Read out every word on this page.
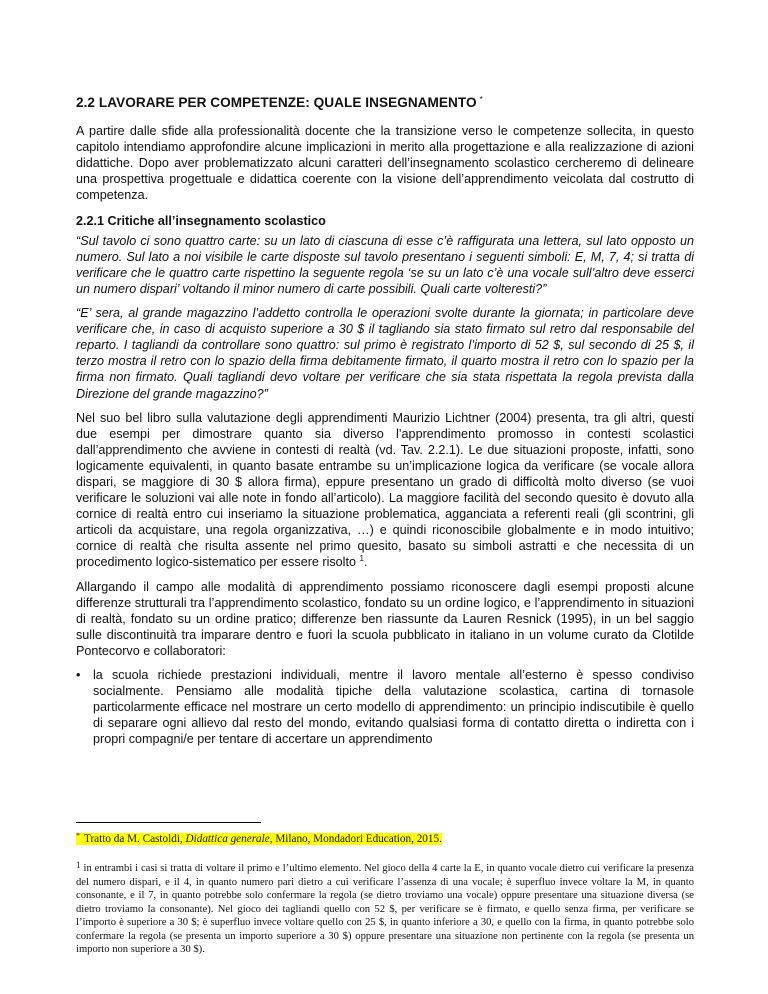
2.2 LAVORARE PER COMPETENZE: QUALE INSEGNAMENTO *

A partire dalle sfide alla professionalità docente che la transizione verso le competenze sollecita, in questo capitolo intendiamo approfondire alcune implicazioni in merito alla progettazione e alla realizzazione di azioni didattiche. Dopo aver problematizzato alcuni caratteri dell’insegnamento scolastico cercheremo di delineare una prospettiva progettuale e didattica coerente con la visione dell’apprendimento veicolata dal costrutto di competenza.

2.2.1 Critiche all’insegnamento scolastico

“Sul tavolo ci sono quattro carte: su un lato di ciascuna di esse c’è raffigurata una lettera, sul lato opposto un numero. Sul lato a noi visibile le carte disposte sul tavolo presentano i seguenti simboli: E, M, 7, 4; si tratta di verificare che le quattro carte rispettino la seguente regola ‘se su un lato c’è una vocale sull’altro deve esserci un numero dispari’ voltando il minor numero di carte possibili. Quali carte volteresti?”

“E’ sera, al grande magazzino l’addetto controlla le operazioni svolte durante la giornata; in particolare deve verificare che, in caso di acquisto superiore a 30 $ il tagliando sia stato firmato sul retro dal responsabile del reparto. I tagliandi da controllare sono quattro: sul primo è registrato l’importo di 52 $, sul secondo di 25 $, il terzo mostra il retro con lo spazio della firma debitamente firmato, il quarto mostra il retro con lo spazio per la firma non firmato. Quali tagliandi devo voltare per verificare che sia stata rispettata la regola prevista dalla Direzione del grande magazzino?”

Nel suo bel libro sulla valutazione degli apprendimenti Maurizio Lichtner (2004) presenta, tra gli altri, questi due esempi per dimostrare quanto sia diverso l’apprendimento promosso in contesti scolastici dall’apprendimento che avviene in contesti di realtà (vd. Tav. 2.2.1). Le due situazioni proposte, infatti, sono logicamente equivalenti, in quanto basate entrambe su un’implicazione logica da verificare (se vocale allora dispari, se maggiore di 30 $ allora firma), eppure presentano un grado di difficoltà molto diverso (se vuoi verificare le soluzioni vai alle note in fondo all’articolo). La maggiore facilità del secondo quesito è dovuto alla cornice di realtà entro cui inseriamo la situazione problematica, agganciata a referenti reali (gli scontrini, gli articoli da acquistare, una regola organizzativa, …) e quindi riconoscibile globalmente e in modo intuitivo; cornice di realtà che risulta assente nel primo quesito, basato su simboli astratti e che necessita di un procedimento logico-sistematico per essere risolto $^1$.

Allargando il campo alle modalità di apprendimento possiamo riconoscere dagli esempi proposti alcune differenze strutturali tra l’apprendimento scolastico, fondato su un ordine logico, e l’apprendimento in situazioni di realtà, fondato su un ordine pratico; differenze ben riassunte da Lauren Resnick (1995), in un bel saggio sulle discontinuità tra imparare dentro e fuori la scuola pubblicato in italiano in un volume curato da Clotilde Pontecorvo e collaboratori:

• la scuola richiede prestazioni individuali, mentre il lavoro mentale all’esterno è spesso condiviso socialmente. Pensiamo alle modalità tipiche della valutazione scolastica, cartina di tornasole particolarmente efficace nel mostrare un certo modello di apprendimento: un principio indiscutibile è quello di separare ogni allievo dal resto del mondo, evitando qualsiasi forma di contatto diretta o indiretta con i propri compagni/e per tentare di accertare un apprendimento
* Tratto da M. Castoldi, Didattica generale, Milano, Mondadori Education, 2015.

$^1$ in entrambi i casi si tratta di voltare il primo e l’ultimo elemento. Nel gioco della 4 carte la E, in quanto vocale dietro cui verificare la presenza del numero dispari, e il 4, in quanto numero pari dietro a cui verificare l’assenza di una vocale; è superfluo invece voltare la M, in quanto consonante, e il 7, in quanto potrebbe solo confermare la regola (se dietro troviamo una vocale) oppure presentare una situazione diversa (se dietro troviamo la consonante). Nel gioco dei tagliandi quello con 52 $, per verificare se è firmato, e quello senza firma, per verificare se l’importo è superiore a 30 $; è superfluo invece voltare quello con 25 $, in quanto inferiore a 30, e quello con la firma, in quanto potrebbe solo confermare la regola (se presenta un importo superiore a 30 $) oppure presentare una situazione non pertinente con la regola (se presenta un importo non superiore a 30 $).
